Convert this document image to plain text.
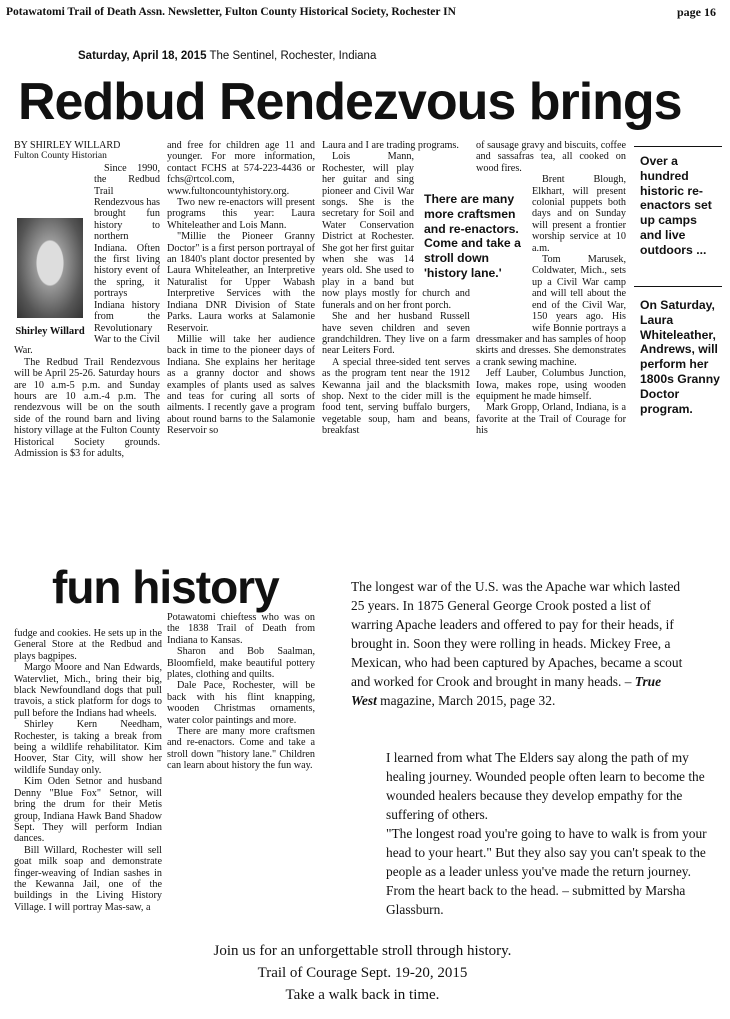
Potawatomi Trail of Death Assn. Newsletter, Fulton County Historical Society, Rochester IN	page 16
Saturday, April 18, 2015 The Sentinel, Rochester, Indiana
Redbud Rendezvous brings
BY SHIRLEY WILLARD
Fulton County Historian

Since 1990, the Redbud Trail Rendezvous has brought fun history to northern Indiana. Often the first living history event of the spring, it portrays Indiana history from the Revolutionary War to the Civil War.

The Redbud Trail Rendezvous will be April 25-26. Saturday hours are 10 a.m-5 p.m. and Sunday hours are 10 a.m.-4 p.m. The rendezvous will be on the south side of the round barn and living history village at the Fulton County Historical Society grounds. Admission is $3 for adults,

Shirley Willard

and free for children age 11 and younger. For more information, contact FCHS at 574-223-4436 or fchs@rtcol.com, www.fultoncountyhistory.org.

Two new re-enactors will present programs this year: Laura Whiteleather and Lois Mann.

"Millie the Pioneer Granny Doctor" is a first person portrayal of an 1840's plant doctor presented by Laura Whiteleather, an Interpretive Naturalist for Upper Wabash Interpretive Services with the Indiana DNR Division of State Parks. Laura works at Salamonie Reservoir.

Millie will take her audience back in time to the pioneer days of Indiana. She explains her heritage as a granny doctor and shows examples of plants used as salves and teas for curing all sorts of ailments. I recently gave a program about round barns to the Salamonie Reservoir so

Laura and I are trading programs.

Lois Mann, Rochester, will play her guitar and sing pioneer and Civil War songs. She is the secretary for Soil and Water Conservation District at Rochester. She got her first guitar when she was 14 years old. She used to play in a band but now plays mostly for church and funerals and on her front porch.

She and her husband Russell have seven children and seven grandchildren. They live on a farm near Leiters Ford.

A special three-sided tent serves as the program tent near the 1912 Kewanna jail and the blacksmith shop. Next to the cider mill is the food tent, serving buffalo burgers, vegetable soup, ham and beans, breakfast

of sausage gravy and biscuits, coffee and sassafras tea, all cooked on wood fires.

Brent Blough, Elkhart, will present colonial puppets both days and on Sunday will present a frontier worship service at 10 a.m.

Tom Marusek, Coldwater, Mich., sets up a Civil War camp and will tell about the end of the Civil War, 150 years ago. His wife Bonnie portrays a dressmaker and has samples of hoop skirts and dresses. She demonstrates a crank sewing machine.

Jeff Lauber, Columbus Junction, Iowa, makes rope, using wooden equipment he made himself.

Mark Gropp, Orland, Indiana, is a favorite at the Trail of Courage for his

There are many more craftsmen and re-enactors. Come and take a stroll down 'history lane.'
Over a hundred historic re-enactors set up camps and live outdoors ...
On Saturday, Laura Whiteleather, Andrews, will perform her 1800s Granny Doctor program.
fun history

fudge and cookies. He sets up in the General Store at the Redbud and plays bagpipes.

Margo Moore and Nan Edwards, Watervliet, Mich., bring their big, black Newfoundland dogs that pull travois, a stick platform for dogs to pull before the Indians had wheels.

Shirley Kern Needham, Rochester, is taking a break from being a wildlife rehabilitator. Kim Hoover, Star City, will show her wildlife Sunday only.

Kim Oden Setnor and husband Denny "Blue Fox" Setnor, will bring the drum for their Metis group, Indiana Hawk Band Shadow Sept. They will perform Indian dances.

Bill Willard, Rochester will sell goat milk soap and demonstrate finger-weaving of Indian sashes in the Kewanna Jail, one of the buildings in the Living History Village. I will portray Mas-saw, a

Potawatomi chieftess who was on the 1838 Trail of Death from Indiana to Kansas.

Sharon and Bob Saalman, Bloomfield, make beautiful pottery plates, clothing and quilts.

Dale Pace, Rochester, will be back with his flint knapping, wooden Christmas ornaments, water color paintings and more.

There are many more craftsmen and re-enactors. Come and take a stroll down "history lane." Children can learn about history the fun way.

The longest war of the U.S. was the Apache war which lasted 25 years. In 1875 General George Crook posted a list of warring Apache leaders and offered to pay for their heads, if brought in. Soon they were rolling in heads. Mickey Free, a Mexican, who had been captured by Apaches, became a scout and worked for Crook and brought in many heads. – True West magazine, March 2015, page 32.
I learned from what The Elders say along the path of my healing journey. Wounded people often learn to become the wounded healers because they develop empathy for the suffering of others.
"The longest road you're going to have to walk is from your head to your heart." But they also say you can't speak to the people as a leader unless you've made the return journey. From the heart back to the head. – submitted by Marsha Glassburn.
Join us for an unforgettable stroll through history.
Trail of Courage Sept. 19-20, 2015
Take a walk back in time.
